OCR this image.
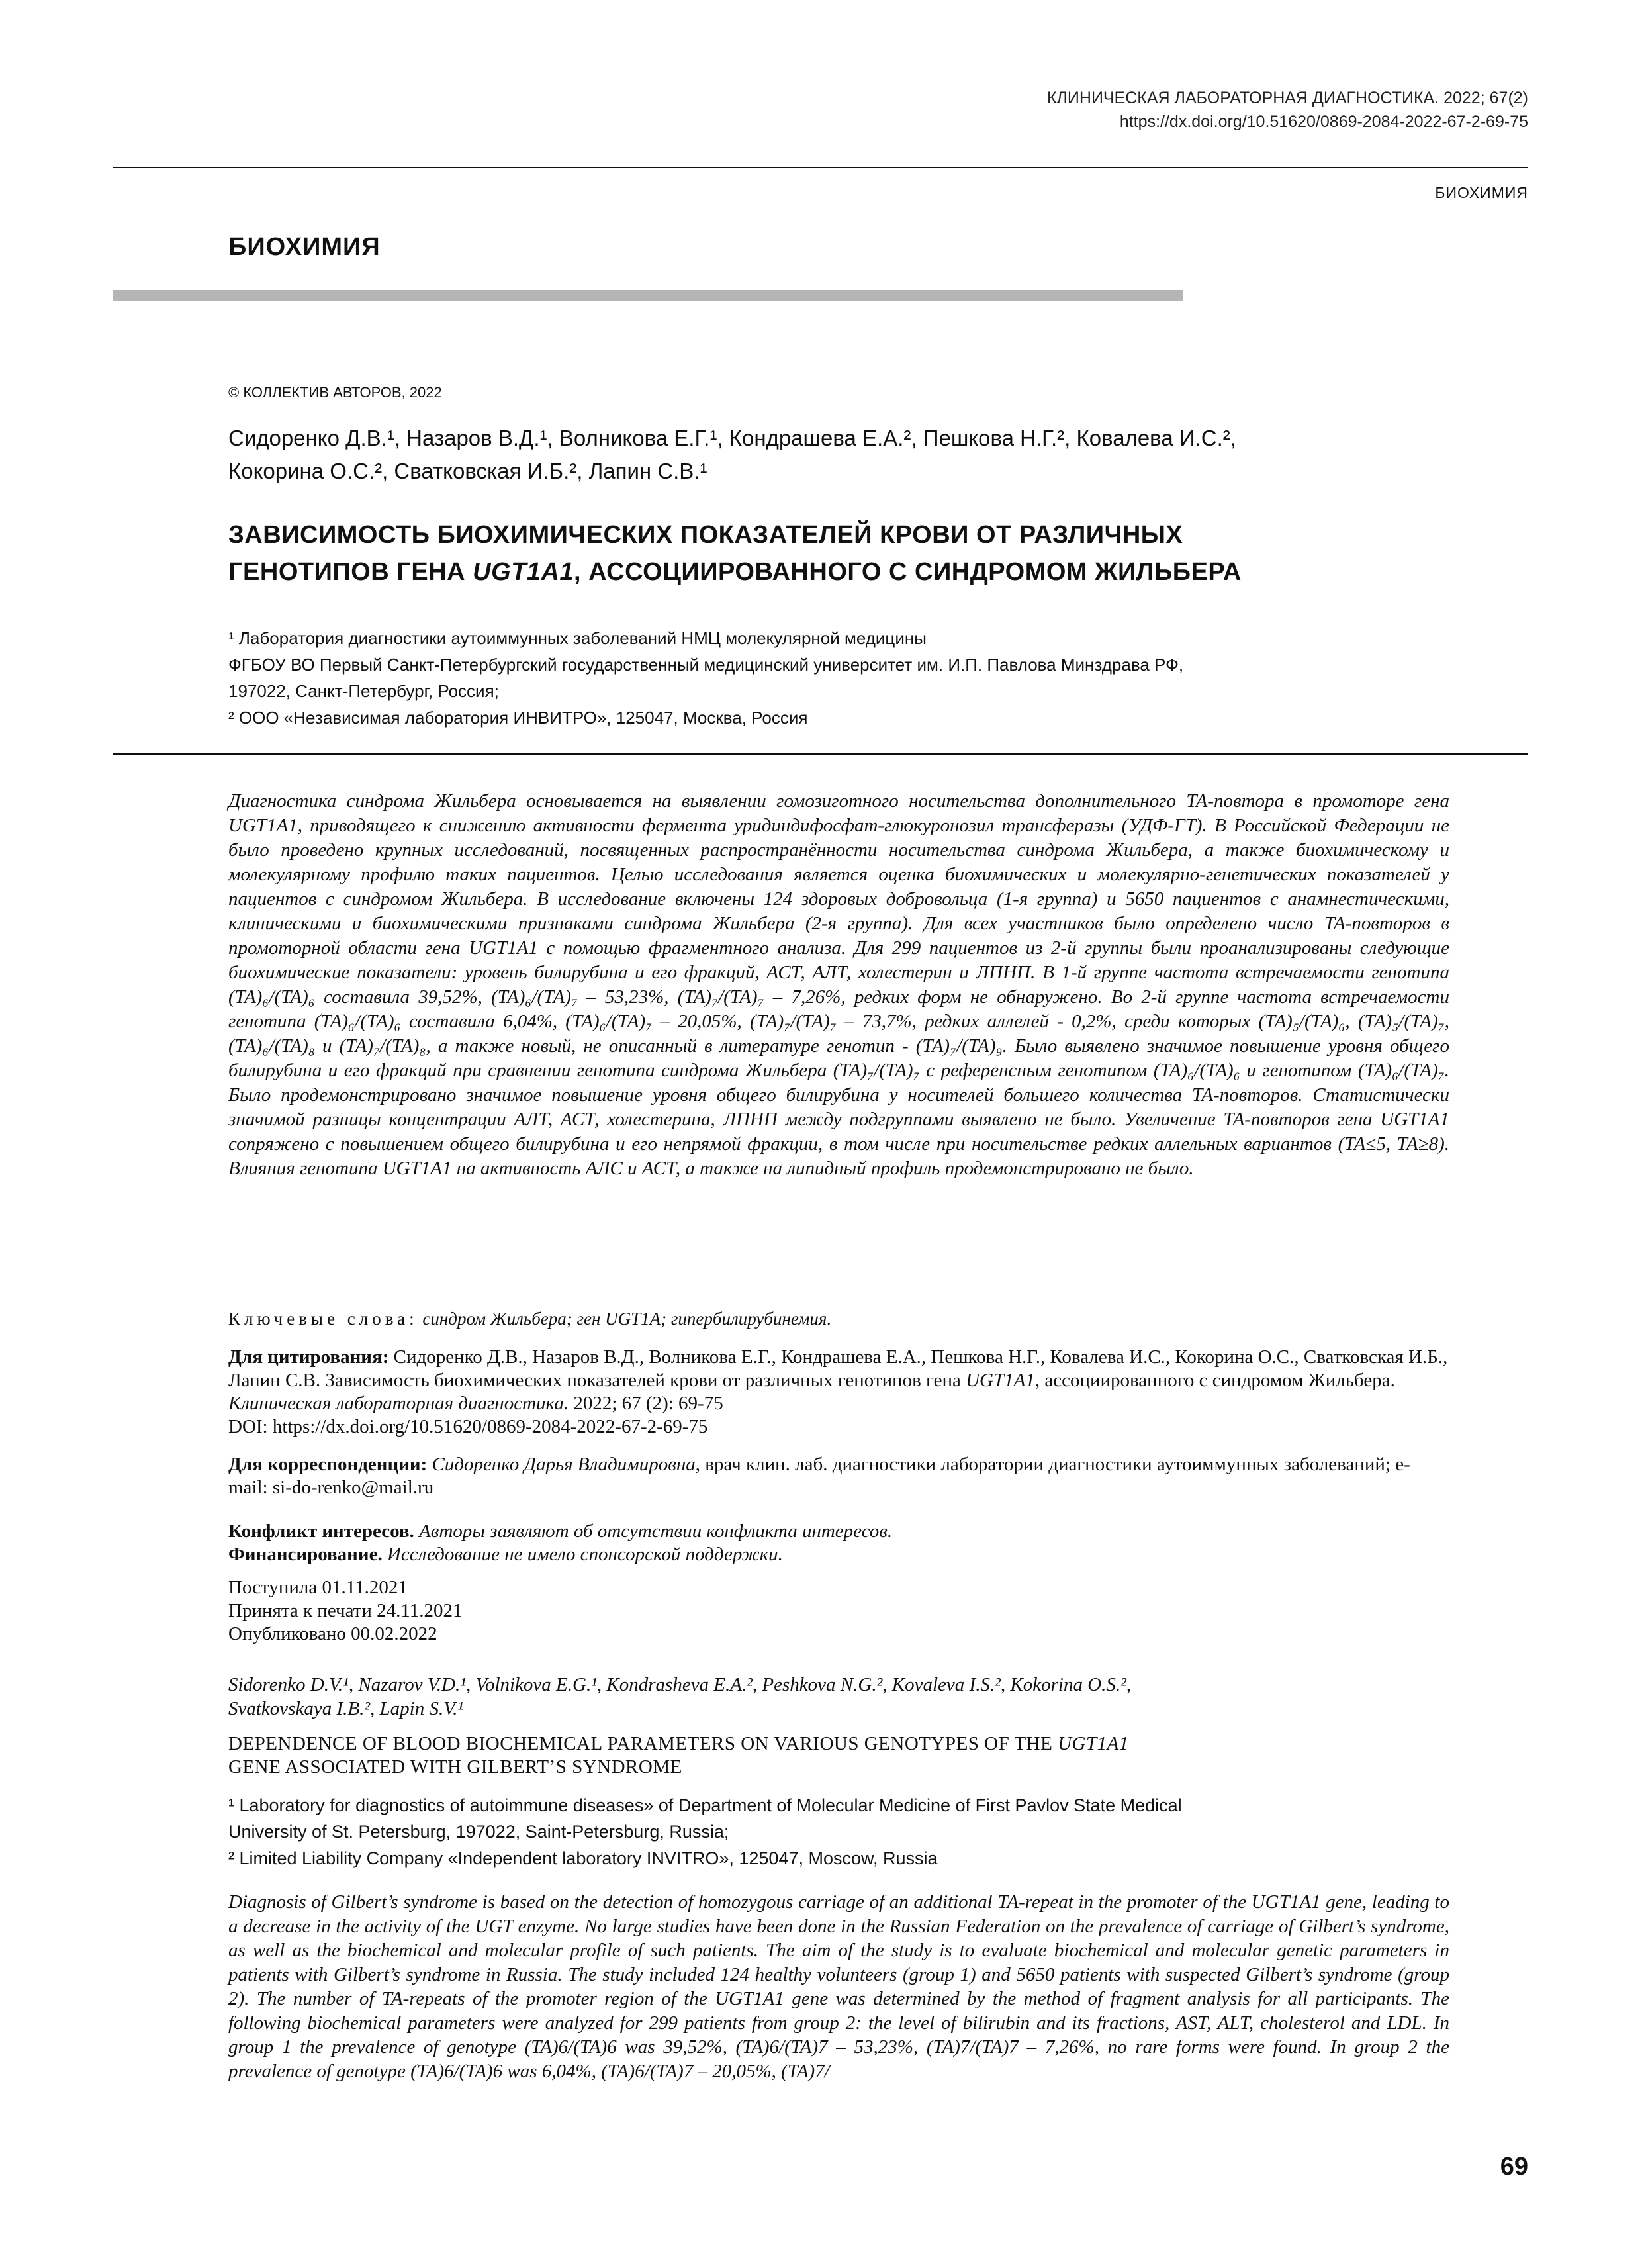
КЛИНИЧЕСКАЯ ЛАБОРАТОРНАЯ ДИАГНОСТИКА. 2022; 67(2)
https://dx.doi.org/10.51620/0869-2084-2022-67-2-69-75
БИОХИМИЯ
БИОХИМИЯ
© КОЛЛЕКТИВ АВТОРОВ, 2022
Сидоренко Д.В.¹, Назаров В.Д.¹, Волникова Е.Г.¹, Кондрашева Е.А.², Пешкова Н.Г.², Ковалева И.С.²,
Кокорина О.С.², Сватковская И.Б.², Лапин С.В.¹
ЗАВИСИМОСТЬ БИОХИМИЧЕСКИХ ПОКАЗАТЕЛЕЙ КРОВИ ОТ РАЗЛИЧНЫХ
ГЕНОТИПОВ ГЕНА UGT1A1, АССОЦИИРОВАННОГО С СИНДРОМОМ ЖИЛЬБЕРА
¹ Лаборатория диагностики аутоиммунных заболеваний НМЦ молекулярной медицины
ФГБОУ ВО Первый Санкт-Петербургский государственный медицинский университет им. И.П. Павлова Минздрава РФ,
197022, Санкт-Петербург, Россия;
² ООО «Независимая лаборатория ИНВИТРО», 125047, Москва, Россия

Диагностика синдрома Жильбера основывается на выявлении гомозиготного носительства дополнительного ТА-повтора в промоторе гена UGT1A1, приводящего к снижению активности фермента уридиндифосфат-глюкуронозил трансферазы (УДФ-ГТ). В Российской Федерации не было проведено крупных исследований, посвященных распространённости носительства синдрома Жильбера, а также биохимическому и молекулярному профилю таких пациентов. Целью исследования является оценка биохимических и молекулярно-генетических показателей у пациентов с синдромом Жильбера. В исследование включены 124 здоровых добровольца (1-я группа) и 5650 пациентов с анамнестическими, клиническими и биохимическими признаками синдрома Жильбера (2-я группа). Для всех участников было определено число ТА-повторов в промоторной области гена UGT1A1 с помощью фрагментного анализа. Для 299 пациентов из 2-й группы были проанализированы следующие биохимические показатели: уровень билирубина и его фракций, АСТ, АЛТ, холестерин и ЛПНП. В 1-й группе частота встречаемости генотипа (ТА)₆/(ТА)₆ составила 39,52%, (ТА)₆/(ТА)₇ – 53,23%, (ТА)₇/(ТА)₇ – 7,26%, редких форм не обнаружено. Во 2-й группе частота встречаемости генотипа (ТА)₆/(ТА)₆ составила 6,04%, (ТА)₆/(ТА)₇ – 20,05%, (ТА)₇/(ТА)₇ – 73,7%, редких аллелей - 0,2%, среди которых (ТА)₅/(ТА)₆, (ТА)₅/(ТА)₇, (ТА)₆/(ТА)₈ и (ТА)₇/(ТА)₈, а также новый, не описанный в литературе генотип - (ТА)₇/(ТА)₉. Было выявлено значимое повышение уровня общего билирубина и его фракций при сравнении генотипа синдрома Жильбера (ТА)₇/(ТА)₇ с референсным генотипом (ТА)₆/(ТА)₆ и генотипом (ТА)₆/(ТА)₇. Было продемонстрировано значимое повышение уровня общего билирубина у носителей большего количества ТА-повторов. Статистически значимой разницы концентрации АЛТ, АСТ, холестерина, ЛПНП между подгруппами выявлено не было. Увеличение ТА-повторов гена UGT1A1 сопряжено с повышением общего билирубина и его непрямой фракции, в том числе при носительстве редких аллельных вариантов (ТА≤5, ТА≥8). Влияния генотипа UGT1A1 на активность АЛС и АСТ, а также на липидный профиль продемонстрировано не было.

Ключевые слова: синдром Жильбера; ген UGT1A; гипербилирубинемия.

Для цитирования: Сидоренко Д.В., Назаров В.Д., Волникова Е.Г., Кондрашева Е.А., Пешкова Н.Г., Ковалева И.С., Кокорина О.С., Сватковская И.Б., Лапин С.В. Зависимость биохимических показателей крови от различных генотипов гена UGT1A1, ассоциированного с синдромом Жильбера. Клиническая лабораторная диагностика. 2022; 67 (2): 69-75

DOI: https://dx.doi.org/10.51620/0869-2084-2022-67-2-69-75

Для корреспонденции: Сидоренко Дарья Владимировна, врач клин. лаб. диагностики лаборатории диагностики аутоиммунных заболеваний; e-mail: si-do-renko@mail.ru

Конфликт интересов. Авторы заявляют об отсутствии конфликта интересов.

Финансирование. Исследование не имело спонсорской поддержки.

Поступила 01.11.2021

Принята к печати 24.11.2021

Опубликовано 00.02.2022

Sidorenko D.V.¹, Nazarov V.D.¹, Volnikova E.G.¹, Kondrasheva E.A.², Peshkova N.G.², Kovaleva I.S.², Kokorina O.S.²,
Svatkovskaya I.B.², Lapin S.V.¹
DEPENDENCE OF BLOOD BIOCHEMICAL PARAMETERS ON VARIOUS GENOTYPES OF THE UGT1A1
GENE ASSOCIATED WITH GILBERT’S SYNDROME
¹ Laboratory for diagnostics of autoimmune diseases» of Department of Molecular Medicine of First Pavlov State Medical
University of St. Petersburg, 197022, Saint-Petersburg, Russia;
² Limited Liability Company «Independent laboratory INVITRO», 125047, Moscow, Russia

Diagnosis of Gilbert’s syndrome is based on the detection of homozygous carriage of an additional TA-repeat in the promoter of the UGT1A1 gene, leading to a decrease in the activity of the UGT enzyme. No large studies have been done in the Russian Federation on the prevalence of carriage of Gilbert’s syndrome, as well as the biochemical and molecular profile of such patients. The aim of the study is to evaluate biochemical and molecular genetic parameters in patients with Gilbert’s syndrome in Russia. The study included 124 healthy volunteers (group 1) and 5650 patients with suspected Gilbert’s syndrome (group 2). The number of TA-repeats of the promoter region of the UGT1A1 gene was determined by the method of fragment analysis for all participants. The following biochemical parameters were analyzed for 299 patients from group 2: the level of bilirubin and its fractions, AST, ALT, cholesterol and LDL. In group 1 the prevalence of genotype (TA)6/(TA)6 was 39,52%, (TA)6/(TA)7 – 53,23%, (TA)7/(TA)7 – 7,26%, no rare forms were found. In group 2 the prevalence of genotype (TA)6/(TA)6 was 6,04%, (TA)6/(TA)7 – 20,05%, (TA)7/

69
